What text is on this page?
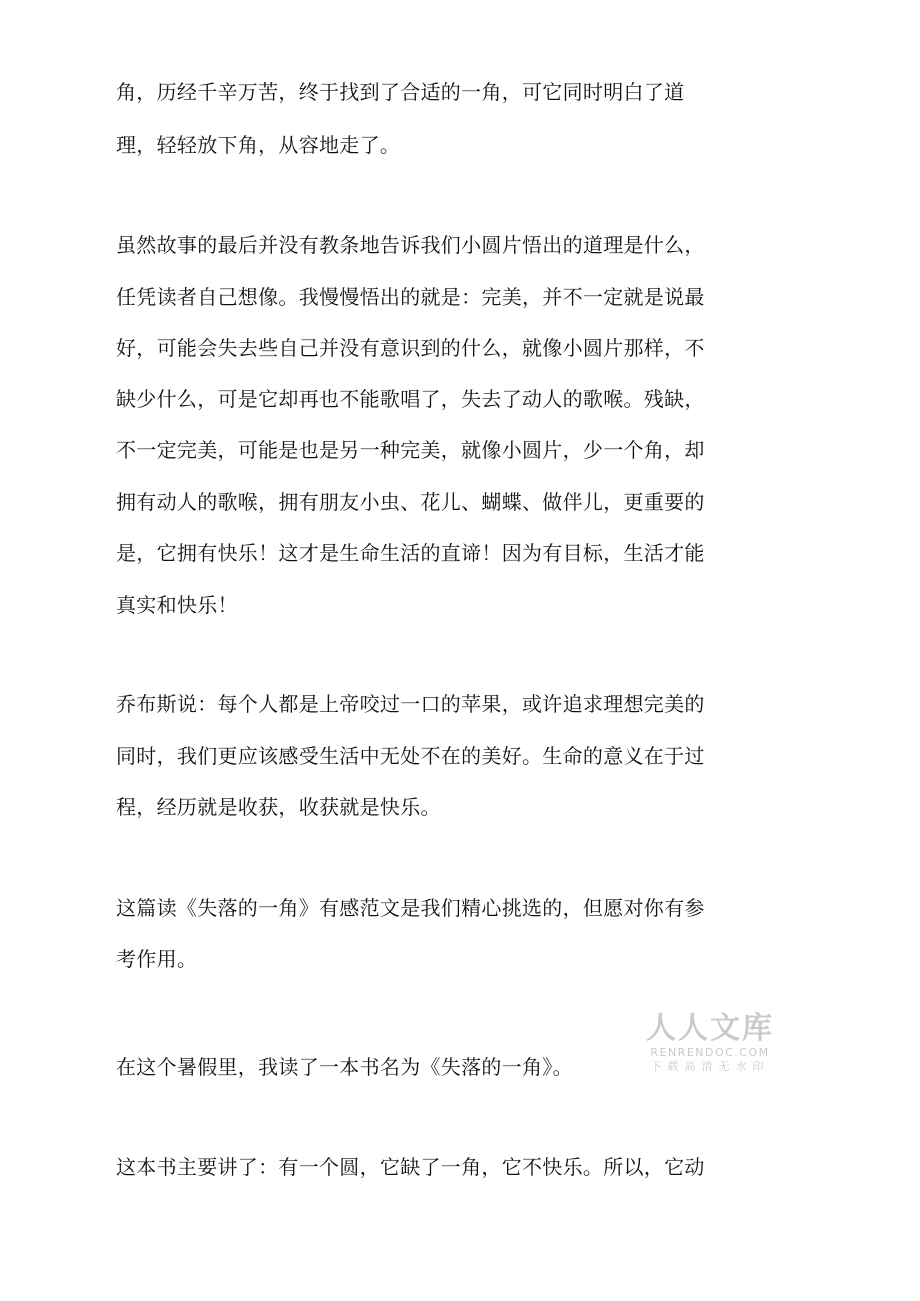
角，历经千辛万苦，终于找到了合适的一角，可它同时明白了道
理，轻轻放下角，从容地走了。
虽然故事的最后并没有教条地告诉我们小圆片悟出的道理是什么，
任凭读者自己想像。我慢慢悟出的就是：完美，并不一定就是说最
好，可能会失去些自己并没有意识到的什么，就像小圆片那样，不
缺少什么，可是它却再也不能歌唱了，失去了动人的歌喉。残缺，
不一定完美，可能是也是另一种完美，就像小圆片，少一个角，却
拥有动人的歌喉，拥有朋友小虫、花儿、蝴蝶、做伴儿，更重要的
是，它拥有快乐！这才是生命生活的直谛！因为有目标，生活才能
真实和快乐！
乔布斯说：每个人都是上帝咬过一口的苹果，或许追求理想完美的
同时，我们更应该感受生活中无处不在的美好。生命的意义在于过
程，经历就是收获，收获就是快乐。
这篇读《失落的一角》有感范文是我们精心挑选的，但愿对你有参
考作用。
在这个暑假里，我读了一本书名为《失落的一角》。
这本书主要讲了：有一个圆，它缺了一角，它不快乐。所以，它动
人人文库
RENRENDOC.COM
下载高清无水印
